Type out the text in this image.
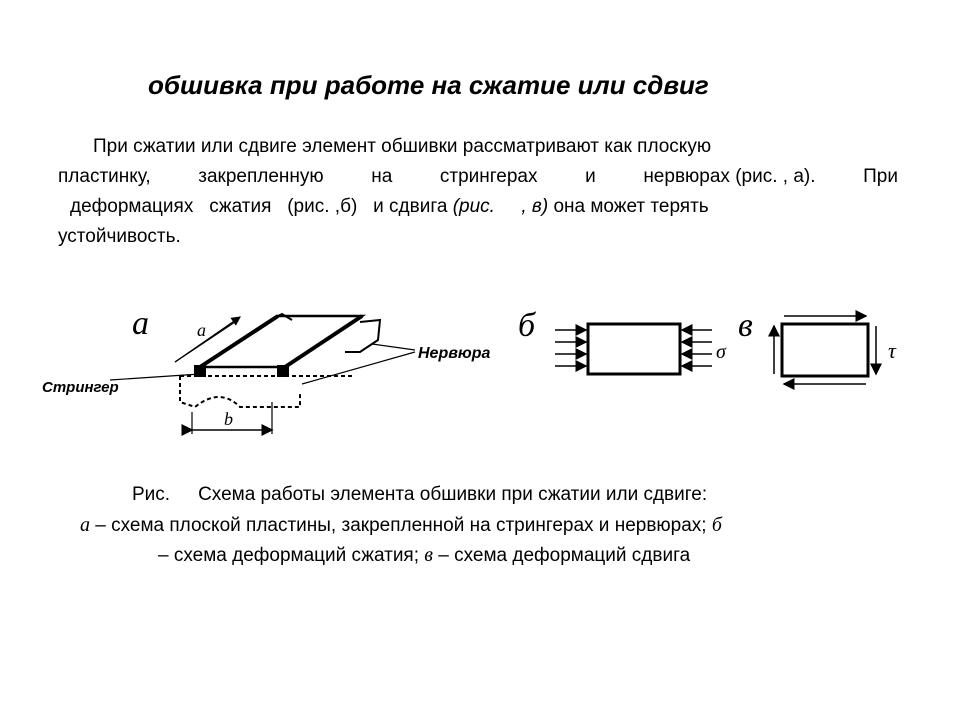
обшивка при работе на сжатие или сдвиг
При сжатии или сдвиге элемент обшивки рассматривают как плоскую
пластинку,	закрепленную	на	стрингерах	и	нервюрах (рис. , а).	При
деформациях сжатия (рис. ,б) и сдвига (рис. , в) она может терять
устойчивость.
а	а
b
Стрингер
Нервюра
б
σ
в
τ
Рис. Схема работы элемента обшивки при сжатии или сдвиге:
а – схема плоской пластины, закрепленной на стрингерах и нервюрах; б
– схема деформаций сжатия; в – схема деформаций сдвига
